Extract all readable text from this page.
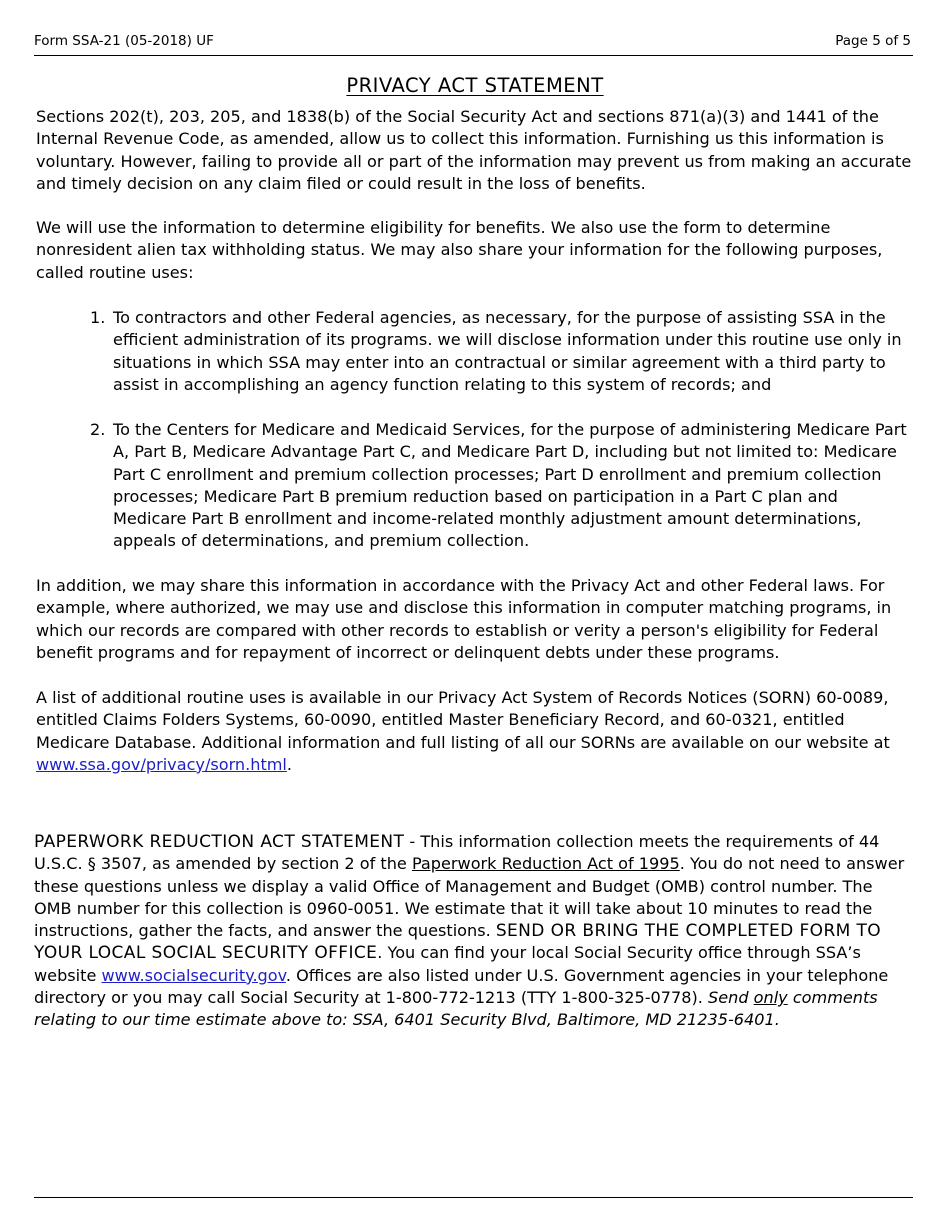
Form SSA-21 (05-2018) UF	Page 5 of 5
PRIVACY ACT STATEMENT

Sections 202(t), 203, 205, and 1838(b) of the Social Security Act and sections 871(a)(3) and 1441 of the Internal Revenue Code, as amended, allow us to collect this information. Furnishing us this information is voluntary. However, failing to provide all or part of the information may prevent us from making an accurate and timely decision on any claim filed or could result in the loss of benefits.

We will use the information to determine eligibility for benefits. We also use the form to determine nonresident alien tax withholding status. We may also share your information for the following purposes, called routine uses:

1. To contractors and other Federal agencies, as necessary, for the purpose of assisting SSA in the efficient administration of its programs. we will disclose information under this routine use only in situations in which SSA may enter into an contractual or similar agreement with a third party to assist in accomplishing an agency function relating to this system of records; and
2. To the Centers for Medicare and Medicaid Services, for the purpose of administering Medicare Part A, Part B, Medicare Advantage Part C, and Medicare Part D, including but not limited to: Medicare Part C enrollment and premium collection processes; Part D enrollment and premium collection processes; Medicare Part B premium reduction based on participation in a Part C plan and Medicare Part B enrollment and income-related monthly adjustment amount determinations, appeals of determinations, and premium collection.

In addition, we may share this information in accordance with the Privacy Act and other Federal laws. For example, where authorized, we may use and disclose this information in computer matching programs, in which our records are compared with other records to establish or verity a person's eligibility for Federal benefit programs and for repayment of incorrect or delinquent debts under these programs.

A list of additional routine uses is available in our Privacy Act System of Records Notices (SORN) 60-0089, entitled Claims Folders Systems, 60-0090, entitled Master Beneficiary Record, and 60-0321, entitled Medicare Database. Additional information and full listing of all our SORNs are available on our website at www.ssa.gov/privacy/sorn.html.

PAPERWORK REDUCTION ACT STATEMENT - This information collection meets the requirements of 44 U.S.C. § 3507, as amended by section 2 of the Paperwork Reduction Act of 1995. You do not need to answer these questions unless we display a valid Office of Management and Budget (OMB) control number. The OMB number for this collection is 0960-0051. We estimate that it will take about 10 minutes to read the instructions, gather the facts, and answer the questions. SEND OR BRING THE COMPLETED FORM TO YOUR LOCAL SOCIAL SECURITY OFFICE. You can find your local Social Security office through SSA’s website www.socialsecurity.gov. Offices are also listed under U.S. Government agencies in your telephone directory or you may call Social Security at 1-800-772-1213 (TTY 1-800-325-0778). Send only comments relating to our time estimate above to: SSA, 6401 Security Blvd, Baltimore, MD 21235-6401.
